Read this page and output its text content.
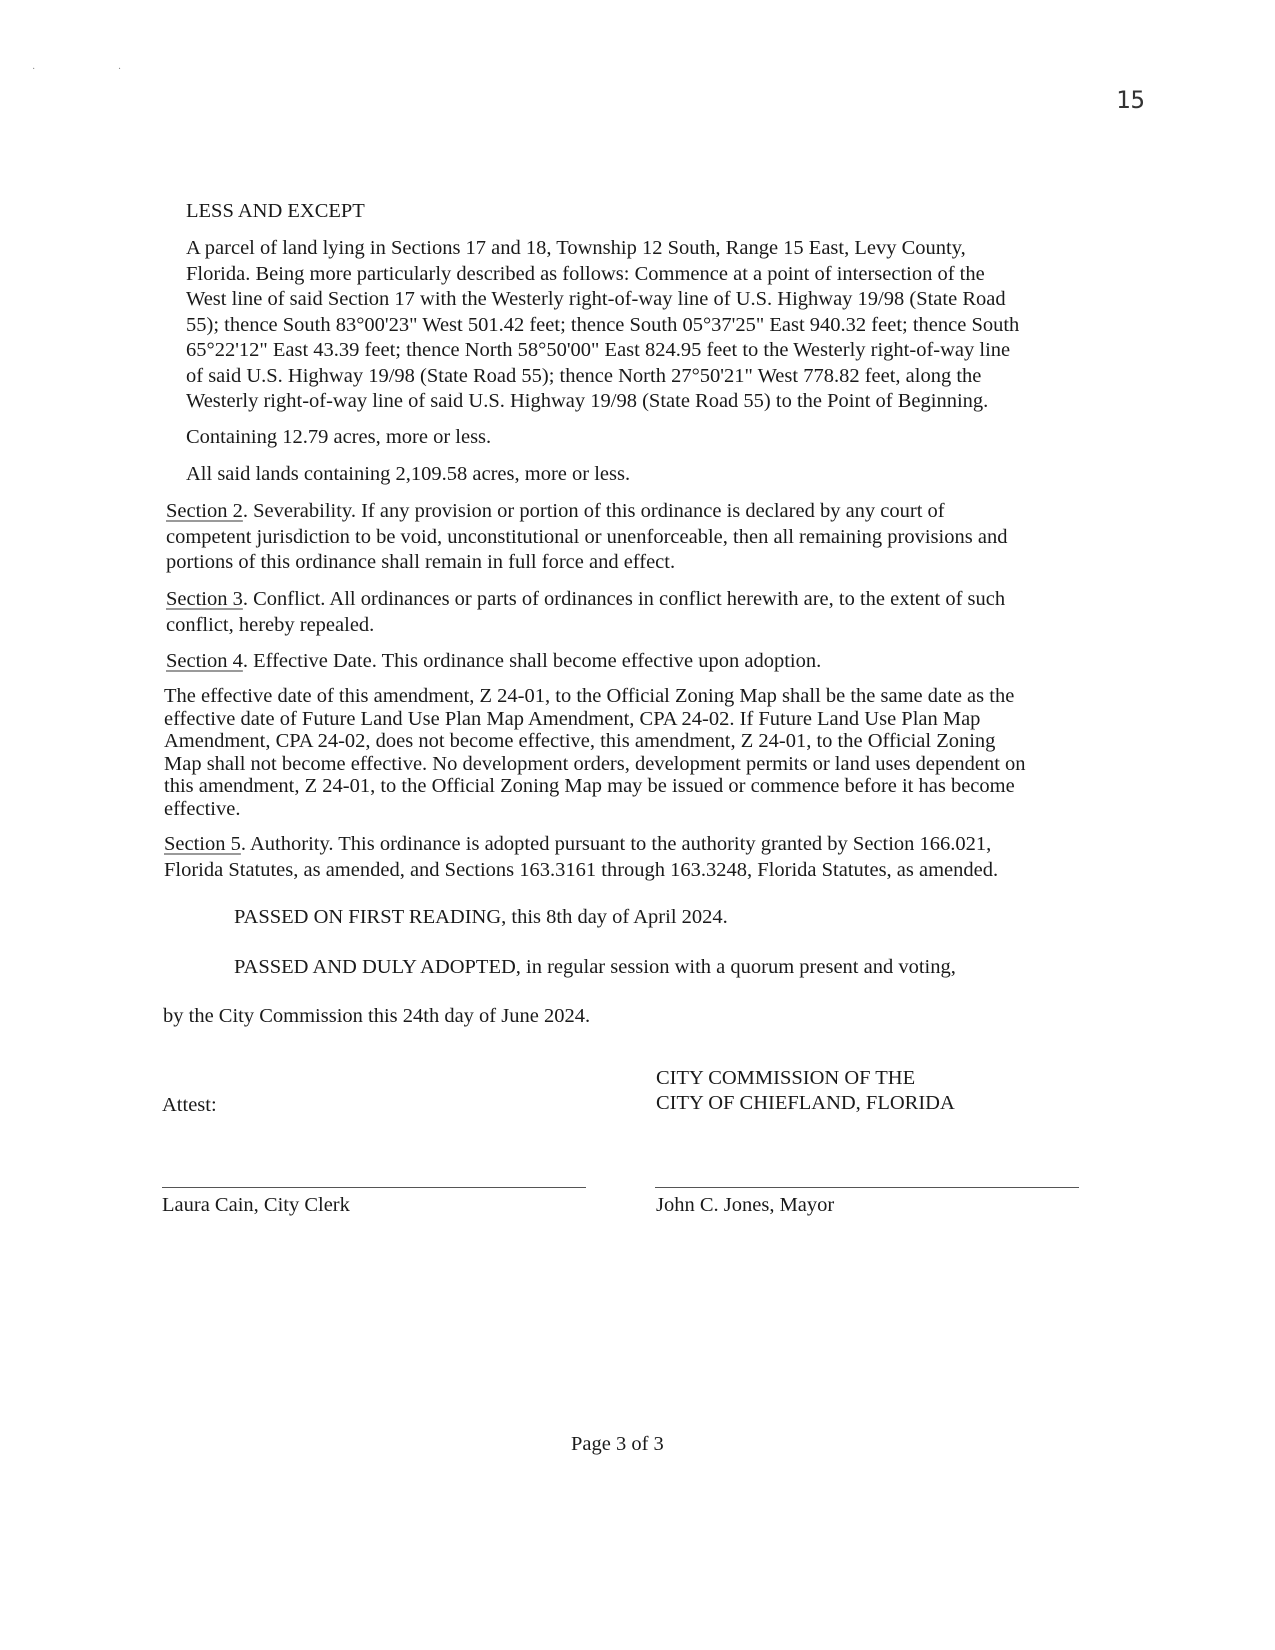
· ·
15

LESS AND EXCEPT

A parcel of land lying in Sections 17 and 18, Township 12 South, Range 15 East, Levy County,
Florida. Being more particularly described as follows: Commence at a point of intersection of the
West line of said Section 17 with the Westerly right-of-way line of U.S. Highway 19/98 (State Road
55); thence South 83°00'23" West 501.42 feet; thence South 05°37'25" East 940.32 feet; thence South
65°22'12" East 43.39 feet; thence North 58°50'00" East 824.95 feet to the Westerly right-of-way line
of said U.S. Highway 19/98 (State Road 55); thence North 27°50'21" West 778.82 feet, along the
Westerly right-of-way line of said U.S. Highway 19/98 (State Road 55) to the Point of Beginning.

Containing 12.79 acres, more or less.

All said lands containing 2,109.58 acres, more or less.

Section 2. Severability. If any provision or portion of this ordinance is declared by any court of
competent jurisdiction to be void, unconstitutional or unenforceable, then all remaining provisions and
portions of this ordinance shall remain in full force and effect.

Section 3. Conflict. All ordinances or parts of ordinances in conflict herewith are, to the extent of such
conflict, hereby repealed.

Section 4. Effective Date. This ordinance shall become effective upon adoption.

The effective date of this amendment, Z 24-01, to the Official Zoning Map shall be the same date as the
effective date of Future Land Use Plan Map Amendment, CPA 24-02. If Future Land Use Plan Map
Amendment, CPA 24-02, does not become effective, this amendment, Z 24-01, to the Official Zoning
Map shall not become effective. No development orders, development permits or land uses dependent on
this amendment, Z 24-01, to the Official Zoning Map may be issued or commence before it has become
effective.

Section 5. Authority. This ordinance is adopted pursuant to the authority granted by Section 166.021,
Florida Statutes, as amended, and Sections 163.3161 through 163.3248, Florida Statutes, as amended.

PASSED ON FIRST READING, this 8th day of April 2024.

PASSED AND DULY ADOPTED, in regular session with a quorum present and voting,

by the City Commission this 24th day of June 2024.

CITY COMMISSION OF THE

CITY OF CHIEFLAND, FLORIDA

Attest:

Laura Cain, City Clerk	John C. Jones, Mayor

Page 3 of 3
